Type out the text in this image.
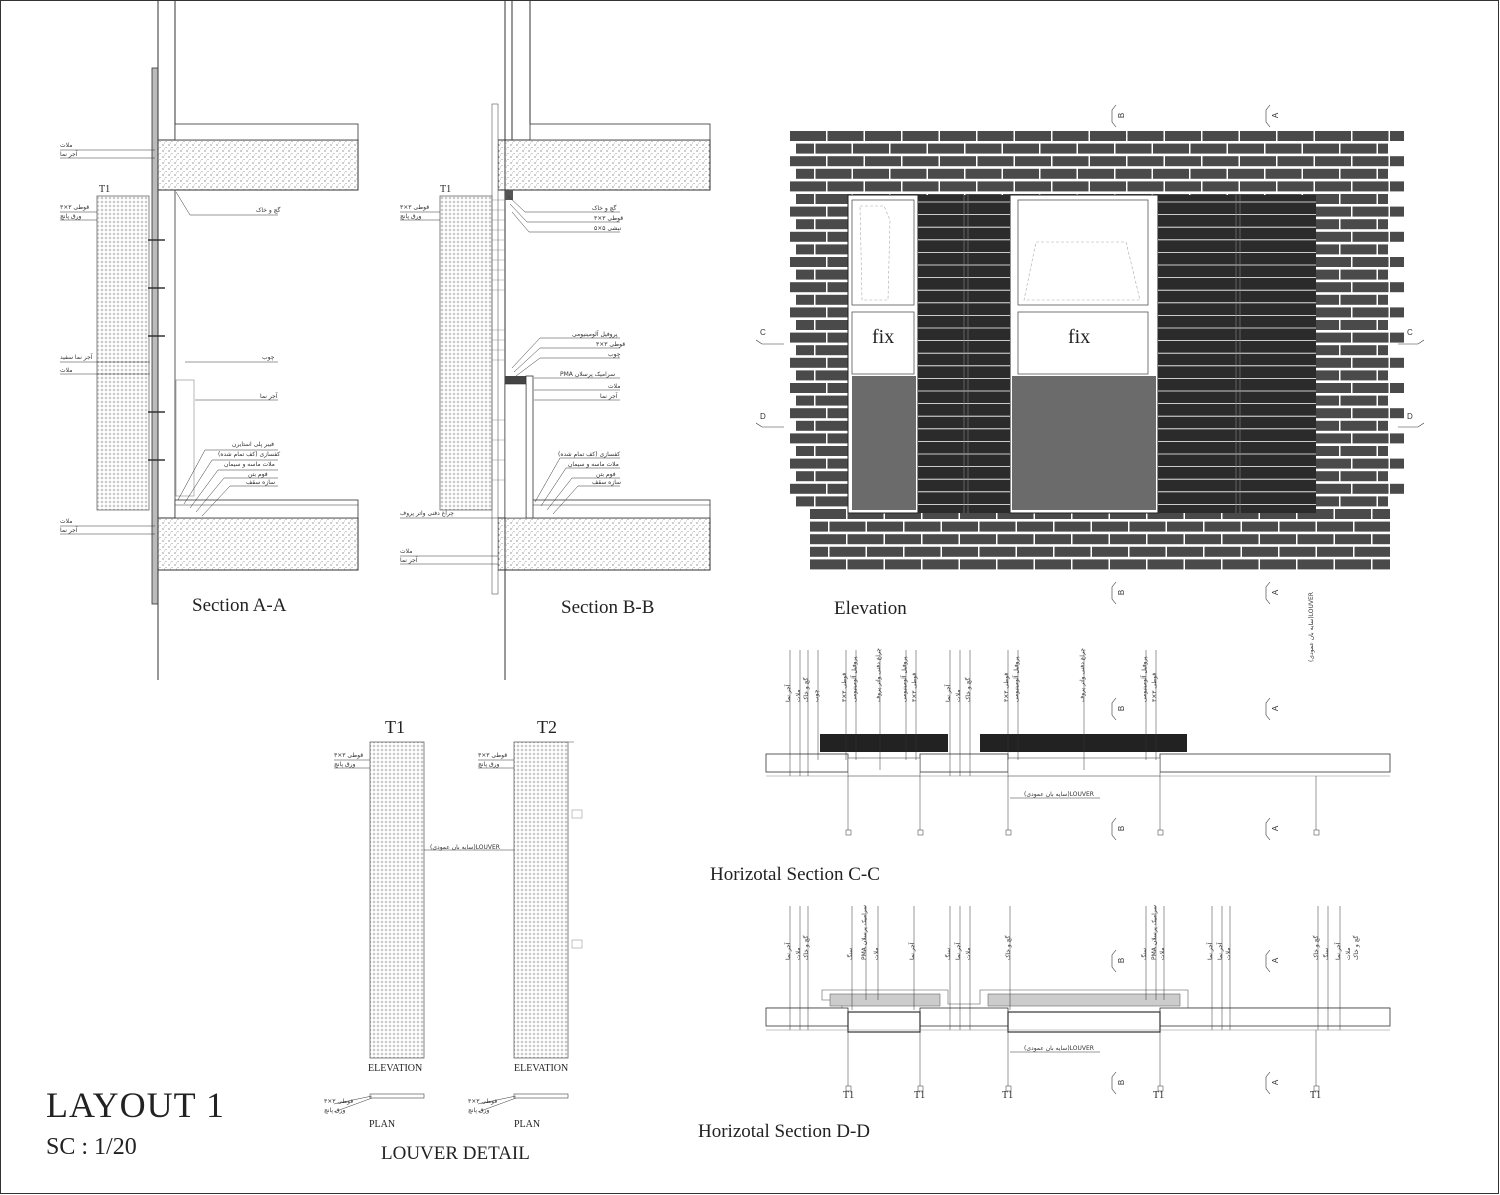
T1
ملات
آجر نما
قوطی ۳×۳
ورق پانچ
گچ و خاک
آجر نما سفید
ملات
چوب
آجر نما
فیبر پلی استایرن
کفسازی (کف تمام شده)
ملات ماسه و سیمان
فوم بتن
سازه سقف
ملات
آجر نما
Section A-A
T1
قوطی ۳×۳
ورق پانچ
گچ و خاک
قوطی ۳×۳
نبشی ۵×۵
پروفیل آلومینیومی
قوطی ۳×۳
چوب
سرامیک پرسلان PMA
ملات
آجر نما
کفسازی (کف تمام شده)
ملات ماسه و سیمان
فوم بتن
سازه سقف
چراغ دفنی واتر پروف
ملات
آجر نما
Section B-B
fix	fix
B	A
B	A
C
D
C
D
LOUVER(سایه بان عمودی)
Elevation
B	A
B	A
LOUVER(سایه بان عمودی)
آجر نما ملات گچ و خاک چوب	قوطی ۳×۳ پروفیل آلومینیومی	چراغ دفنی واتر پروف	پروفیل آلومینیومی قوطی ۳×۳
آجر نما ملات گچ و خاک	قوطی ۳×۳ پروفیل آلومینیومی	چراغ دفنی واتر پروف	پروفیل آلومینیومی قوطی ۳×۳
Horizotal Section C-C
B	A
B	A
LOUVER(سایه بان عمودی)
T1	T1	T1	T1	T1
آجر نما ملات گچ و خاک	سنگ سرامیک پرسلان PMA
ملات	آجر نما	سنگ آجر نما ملات	گچ و خاک	سنگ سرامیک پرسلان PMA
ملات	آجر نما آجر نما ملات	گچ و خاک سنگ آجر نما ملات گچ و خاک
Horizotal Section D-D
T1	T2
قوطی ۳×۳
ورق پانچ
قوطی ۳×۳
ورق پانچ
LOUVER(سایه بان عمودی)
ELEVATION	ELEVATION
قوطی ۳×۳
ورق پانچ
قوطی ۳×۳
ورق پانچ
PLAN	PLAN
LOUVER DETAIL
LAYOUT 1
SC : 1/20
